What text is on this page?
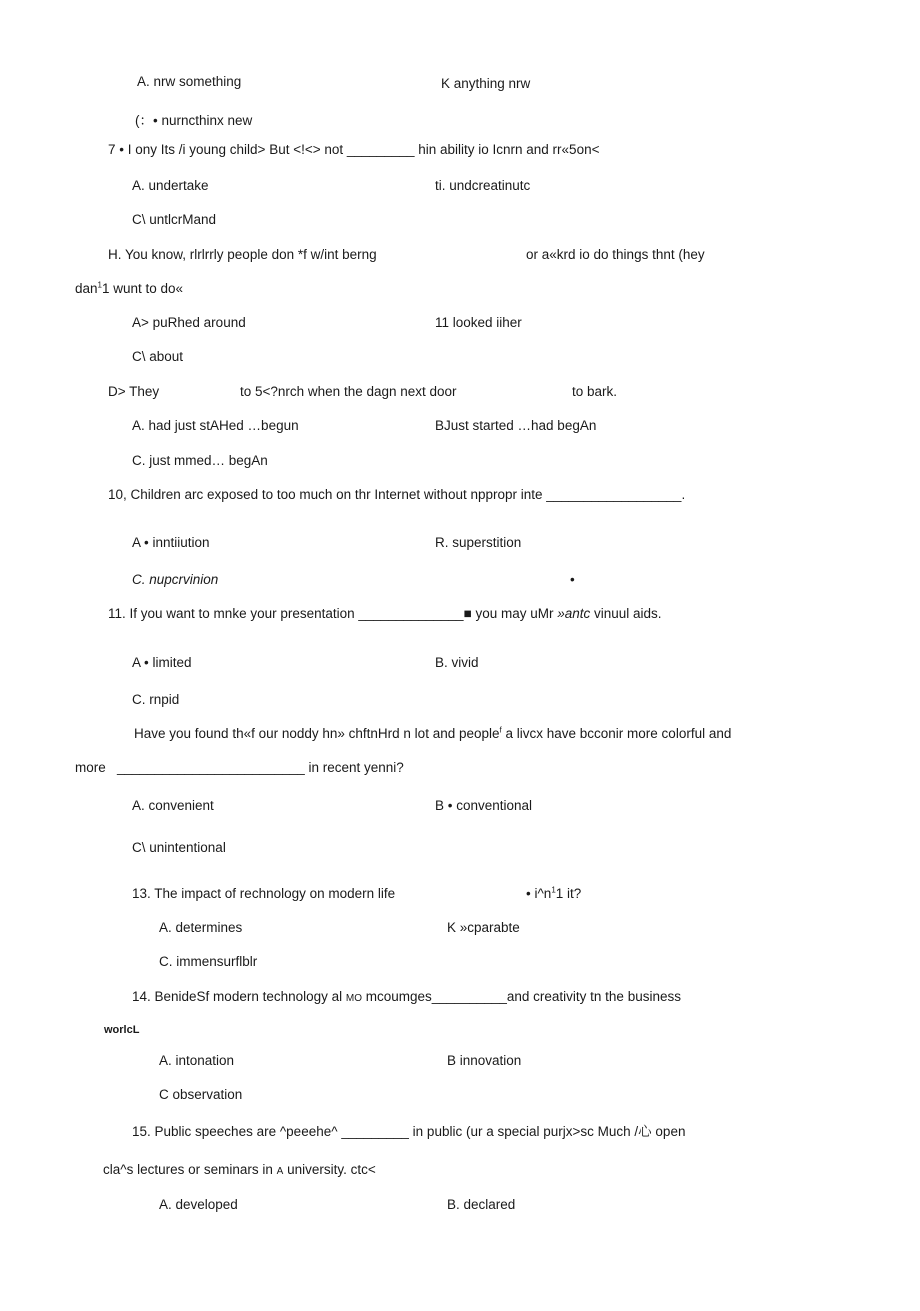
A. nrw something	K anything nrw
(：• nurncthinx new
7 • I ony Its /i young child> But <!<> not _________ hin ability io Icnrn and rr«5on<
A. undertake	ti. undcreatinutc
C\ untlcrMand
H. You know, rlrlrrly people don *f w/int berng	or a«krd io do things thnt (hey
dan$^1$1 wunt to do«
A> puRhed around	11 looked iiher
C\ about
D> They	to 5<?nrch when the dagn next door	to bark.
A. had just stAHed …begun	BJust started …had begAn
C. just mmed… begAn
10, Children arc exposed to too much on thr Internet without nppropr inte __________________.
A • inntiiution	R. superstition
C. nupcrvinion	•
11. If you want to mnke your presentation ______________■ you may uMr »antc vinuul aids.
A • limited	B. vivid
C. rnpid
Have you found th«f our noddy hn» chftnHrd n lot and people$^f$ a livcx have bcconir more colorful and
more _________________________ in recent yenni?
A. convenient	B • conventional
C\ unintentional
13. The impact of rechnology on modern life	• $i\^{}n^11$ it?
A. determines	K »cparabte
C. immensurflblr
14. BenideSf modern technology al MO mcoumges__________and creativity tn the business
worlcL
A. intonation	B innovation
C observation
15. Public speeches are ^peeehe^ _________ in public (ur a special purjx>sc Much /心 open
cla^s lectures or seminars in A university. ctc<
A. developed	B. declared
